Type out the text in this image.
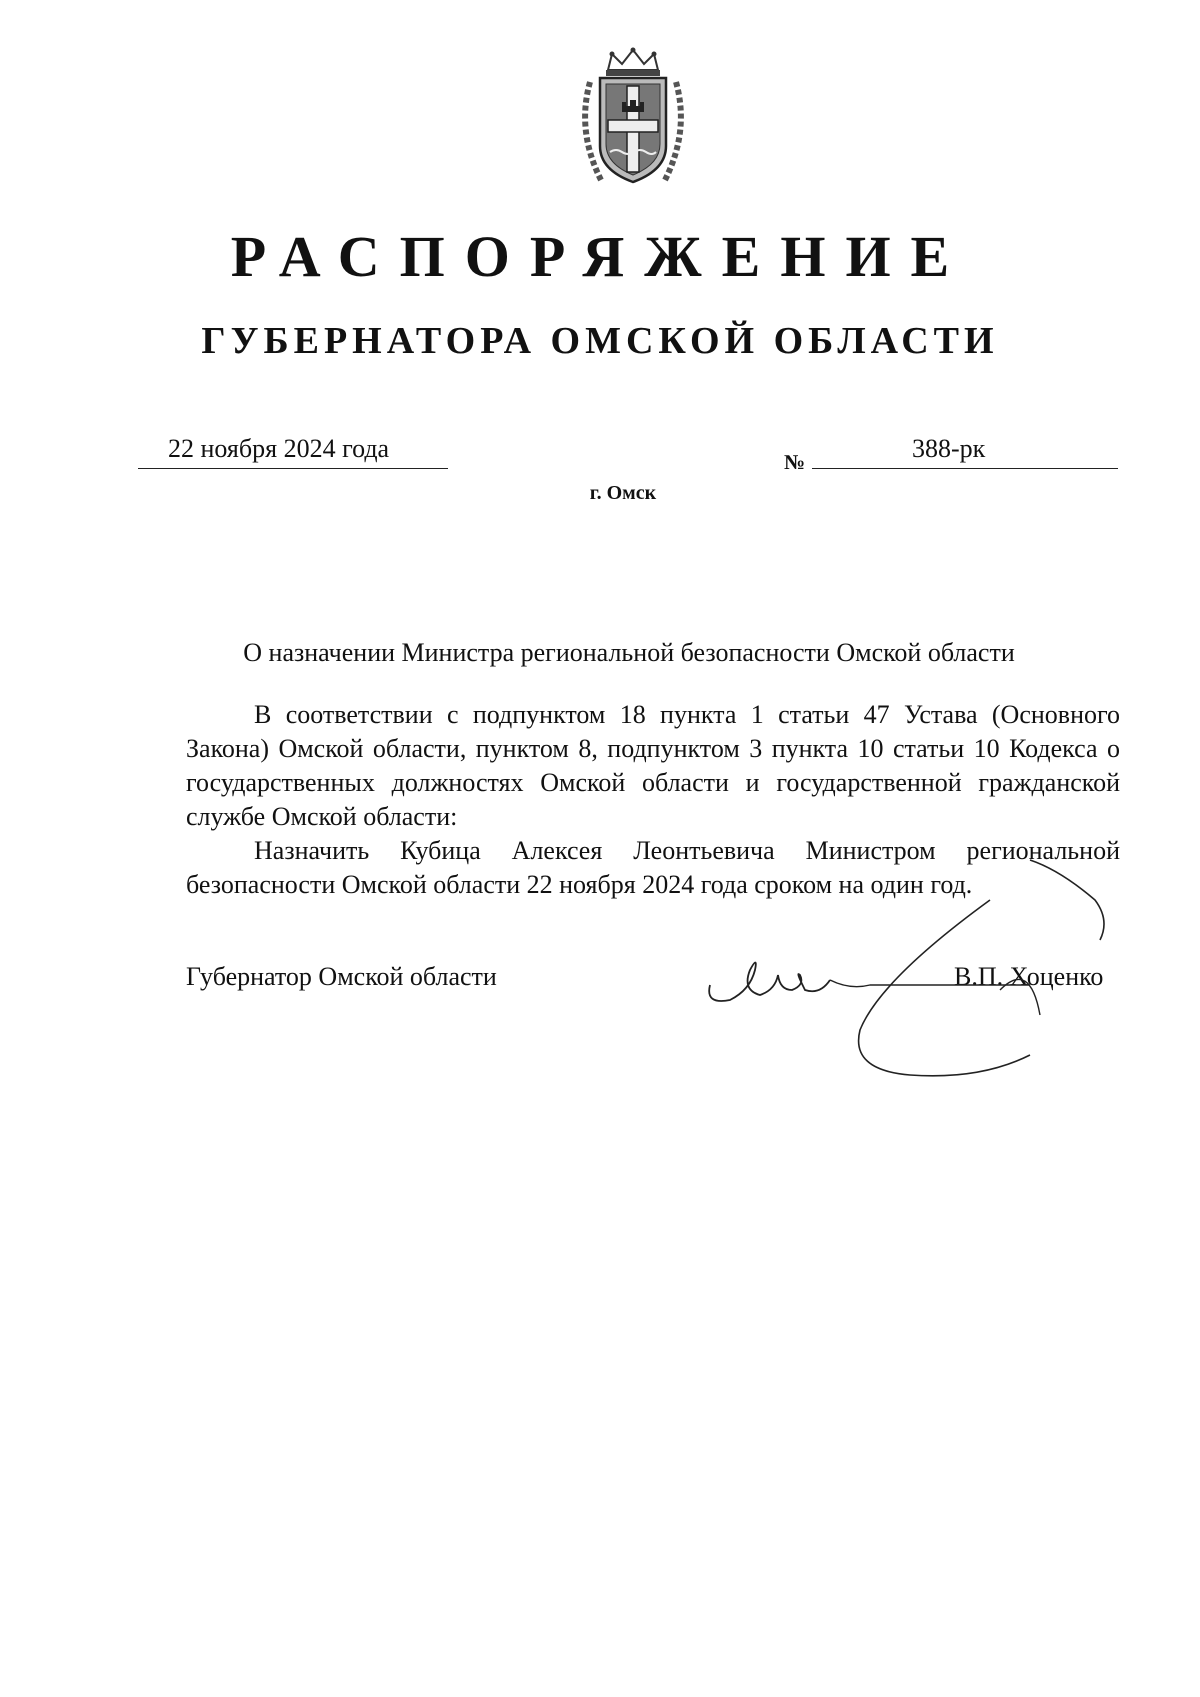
РАСПОРЯЖЕНИЕ
ГУБЕРНАТОРА ОМСКОЙ ОБЛАСТИ
22 ноября 2024 года	№	388-рк
г. Омск
О назначении Министра региональной безопасности Омской области
В соответствии с подпунктом 18 пункта 1 статьи 47 Устава (Основного Закона) Омской области, пунктом 8, подпунктом 3 пункта 10 статьи 10 Кодекса о государственных должностях Омской области и государственной гражданской службе Омской области:
Назначить Кубица Алексея Леонтьевича Министром региональной безопасности Омской области 22 ноября 2024 года сроком на один год.
Губернатор Омской области	В.П. Хоценко
